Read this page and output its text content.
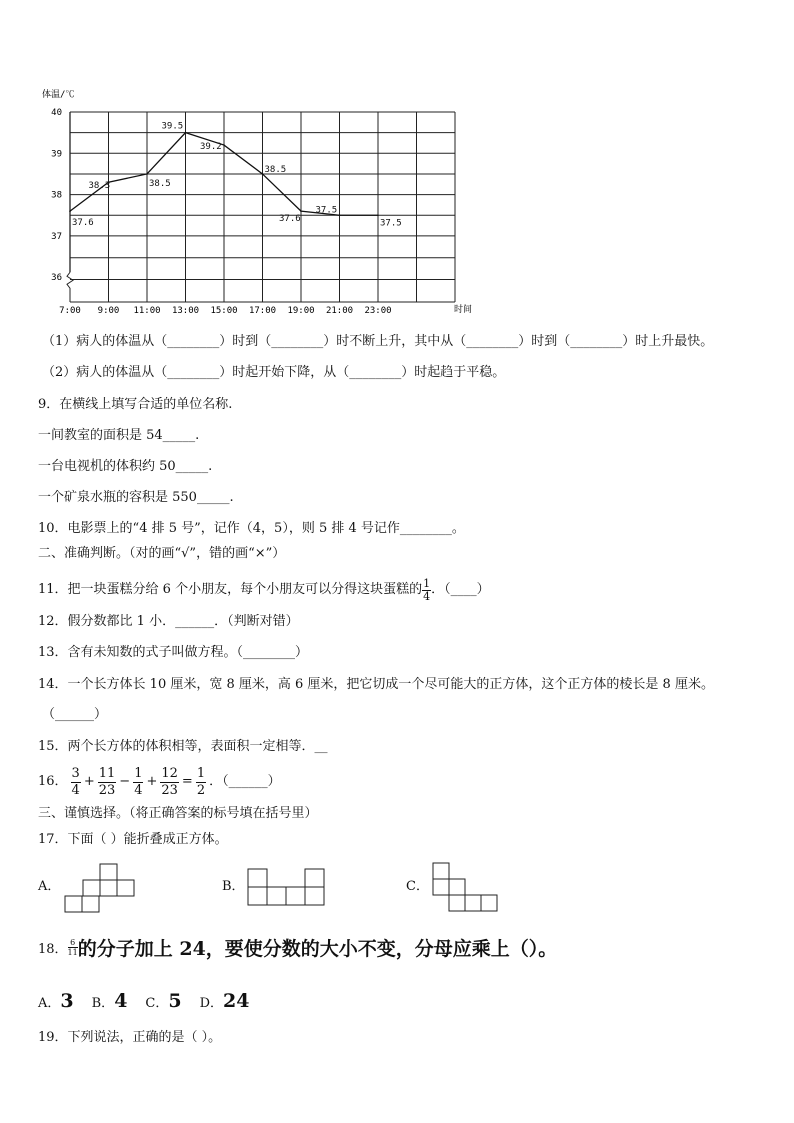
体温/℃
时间
40
39
38
37
36
7:00 9:00 11:00 13:00 15:00 17:00 19:00 21:00 23:00
37.6
38.3	38.5
39.5
39.2
38.5
37.6
37.5
37.5
（1）病人的体温从（________）时到（________）时不断上升，其中从（________）时到（________）时上升最快。
（2）病人的体温从（________）时起开始下降，从（________）时起趋于平稳。
9．在横线上填写合适的单位名称.
一间教室的面积是 54_____.
一台电视机的体积约 50_____.
一个矿泉水瓶的容积是 550_____.
10．电影票上的“4 排 5 号”，记作（4，5），则 5 排 4 号记作________。
二、准确判断。（对的画“√”，错的画“×”）
11．把一块蛋糕分给 6 个小朋友，每个小朋友可以分得这块蛋糕的 $\frac{1}{4}$ ．（____）
12．假分数都比 1 小．______．（判断对错）
13．含有未知数的式子叫做方程。（________）
14．一个长方体长 10 厘米，宽 8 厘米，高 6 厘米，把它切成一个尽可能大的正方体，这个正方体的棱长是 8 厘米。
（______）
15．两个长方体的体积相等，表面积一定相等．__
16． $\frac{3}{4} + \frac{11}{23} - \frac{1}{4} + \frac{12}{23} = \frac{1}{2}$ ．（______）
三、谨慎选择。（将正确答案的标号填在括号里）
17．下面（ ）能折叠成正方体。
A．	B．	C．
18． $\frac{6}{11}$ 的分子加上 24，要使分数的大小不变，分母应乘上（）。
A． 3 B． 4 C． 5 D． 24
19．下列说法，正确的是（ ）。
